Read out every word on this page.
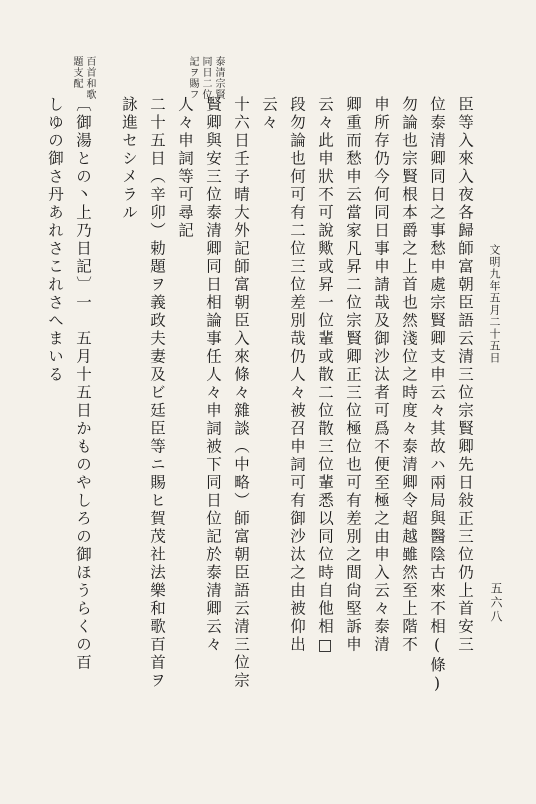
文明九年五月二十五日
五六八
泰清宗賢
同日二位
記ヲ賜フ
百首和歌
題支配
臣等入來入夜各歸師富朝臣語云清三位宗賢卿先日敍正三位仍上首安三
位泰清卿同日之事愁申處宗賢卿支申云々其故ハ兩局與醫陰古來不相(條)
勿論也宗賢根本爵之上首也然淺位之時度々泰清卿令超越雖然至上階不
申所存仍今何同日事申請哉及御沙汰者可爲不便至極之由申入云々泰清
卿重而愁申云當家凡昇二位宗賢卿正三位極位也可有差別之間尙堅訴申
云々此申狀不可說歟或昇一位輩或散二位散三位輩悉以同位時自他相□
段勿論也何可有二位三位差別哉仍人々被召申詞可有御沙汰之由被仰出
云々
十六日壬子晴大外記師富朝臣入來條々雜談（中略）師富朝臣語云清三位宗
賢卿與安三位泰清卿同日相論事任人々申詞被下同日位記於泰清卿云々
人々申詞等可尋記
二十五日（辛卯）勅題ヲ義政夫妻及ビ廷臣等ニ賜ヒ賀茂社法樂和歌百首ヲ
詠進セシメラル
〔御湯との丶上乃日記〕一　五月十五日かものやしろの御ほうらくの百
しゆの御さ丹あれさこれさへまいる
